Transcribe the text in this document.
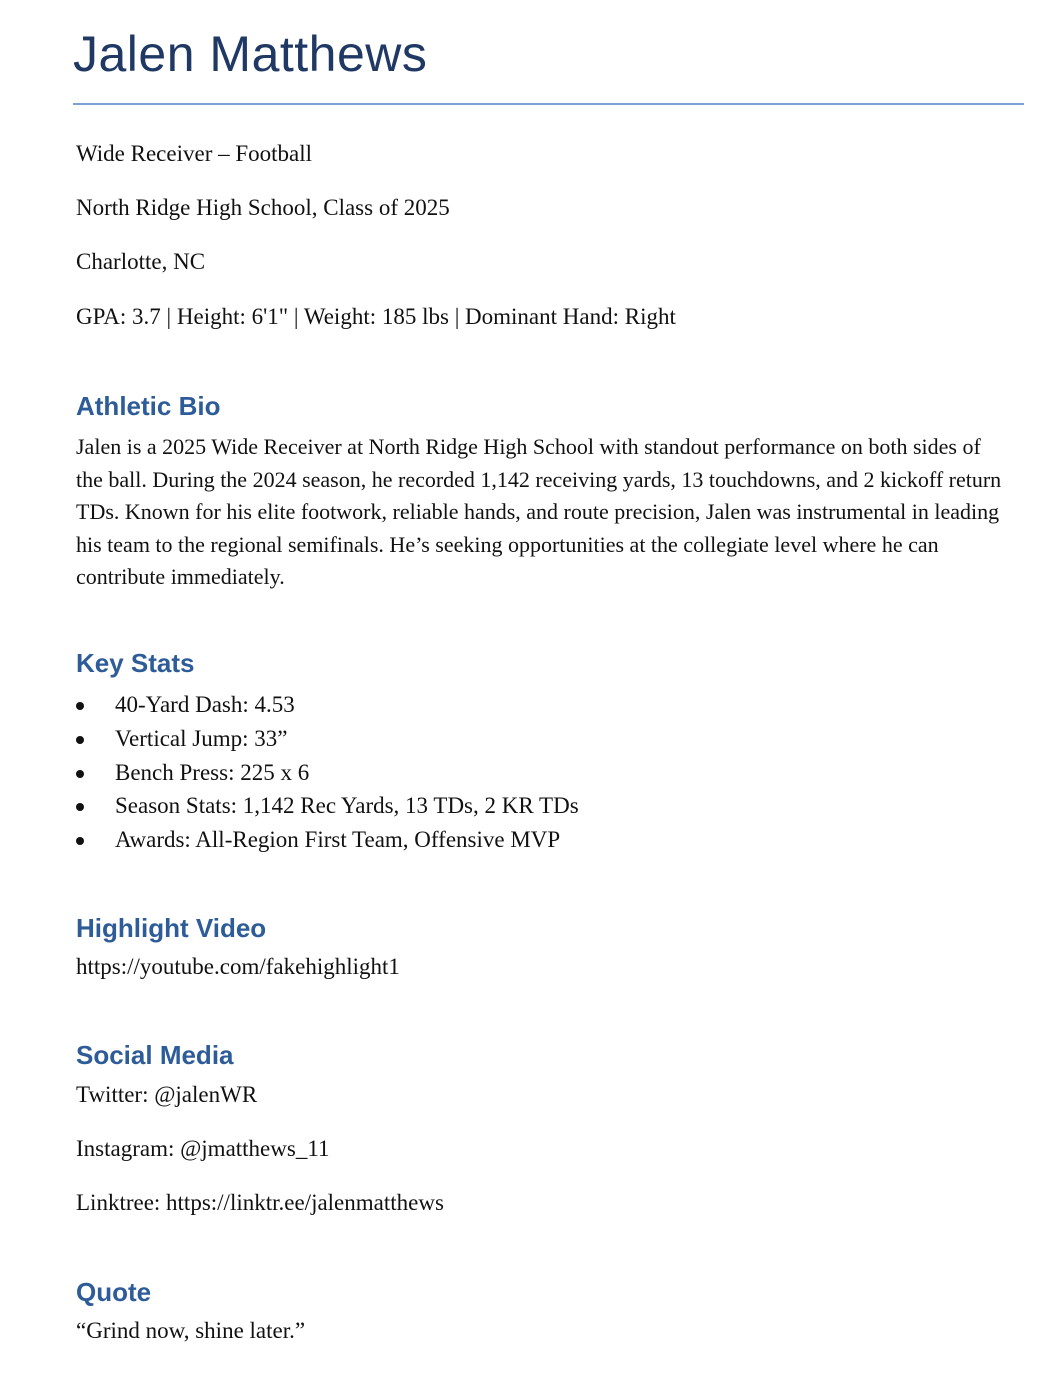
Jalen Matthews

Wide Receiver – Football

North Ridge High School, Class of 2025

Charlotte, NC

GPA: 3.7 | Height: 6'1" | Weight: 185 lbs | Dominant Hand: Right

Athletic Bio

Jalen is a 2025 Wide Receiver at North Ridge High School with standout performance on both sides of the ball. During the 2024 season, he recorded 1,142 receiving yards, 13 touchdowns, and 2 kickoff return TDs. Known for his elite footwork, reliable hands, and route precision, Jalen was instrumental in leading his team to the regional semifinals. He’s seeking opportunities at the collegiate level where he can contribute immediately.

Key Stats
40-Yard Dash: 4.53
Vertical Jump: 33”
Bench Press: 225 x 6
Season Stats: 1,142 Rec Yards, 13 TDs, 2 KR TDs
Awards: All-Region First Team, Offensive MVP
Highlight Video

https://youtube.com/fakehighlight1

Social Media

Twitter: @jalenWR

Instagram: @jmatthews_11

Linktree: https://linktr.ee/jalenmatthews

Quote

“Grind now, shine later.”
